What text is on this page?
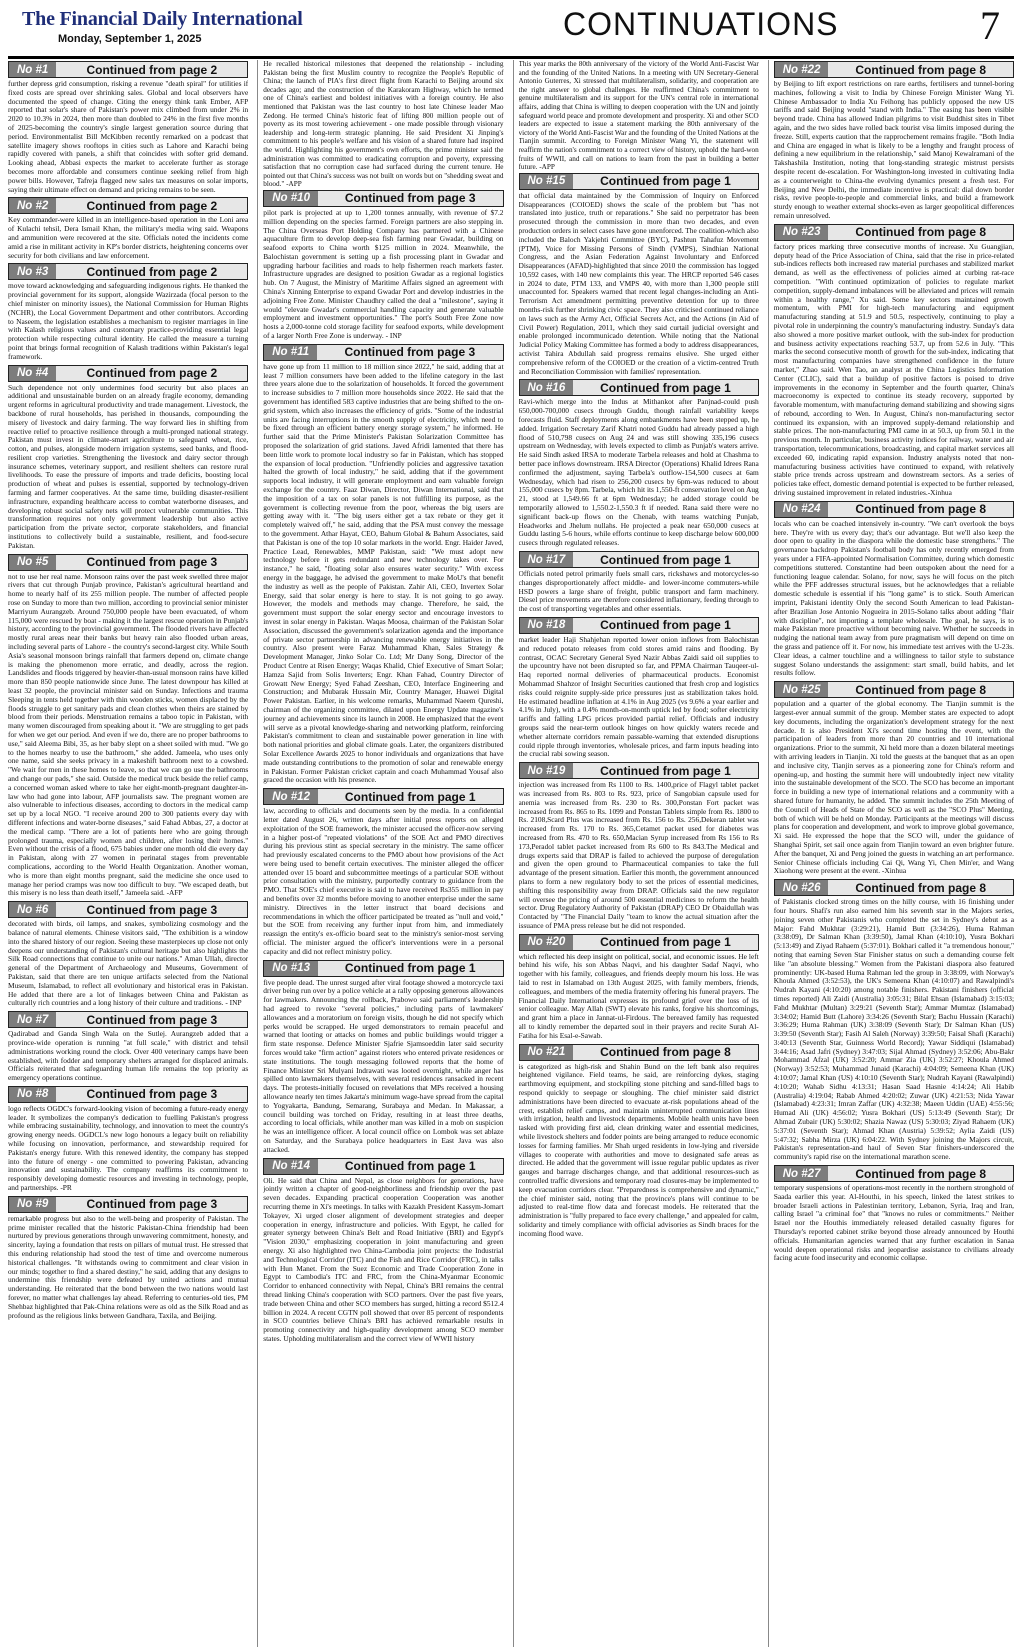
The Financial Daily International
Monday, September 1, 2025	CONTINUATIONS	7
No #1	Continued from page 2
further depress grid consumption, risking a revenue "death spiral" for utilities if fixed costs are spread over shrinking sales. Global and local observers have documented the speed of change. Citing the energy think tank Ember, AFP reported that solar's share of Pakistan's power mix climbed from under 2% in 2020 to 10.3% in 2024, then more than doubled to 24% in the first five months of 2025-becoming the country's single largest generation source during that period. Environmentalist Bill McKibben recently remarked on a podcast that satellite imagery shows rooftops in cities such as Lahore and Karachi being rapidly covered with panels, a shift that coincides with softer grid demand. Looking ahead, Abbasi expects the market to accelerate further as storage becomes more affordable and consumers continue seeking relief from high power bills. However, Tafreja flagged new sales tax measures on solar imports, saying their ultimate effect on demand and pricing remains to be seen.
No #2	Continued from page 2
Key commander-were killed in an intelligence-based operation in the Loni area of Kulachi tehsil, Dera Ismail Khan, the military's media wing said. Weapons and ammunition were recovered at the site. Officials noted the incidents come amid a rise in militant activity in KP's border districts, heightening concerns over security for both civilians and law enforcement.
No #3	Continued from page 2
move toward acknowledging and safeguarding indigenous rights. He thanked the provincial government for its support, alongside Wazirzada (focal person to the chief minister on minority issues), the National Commission for Human Rights (NCHR), the Local Government Department and other contributors. According to Naseem, the legislation establishes a mechanism to register marriages in line with Kalash religious values and customary practice-providing essential legal protection while respecting cultural identity. He called the measure a turning point that brings formal recognition of Kalash traditions within Pakistan's legal framework.
No #4	Continued from page 2
Such dependence not only undermines food security but also places an additional and unsustainable burden on an already fragile economy, demanding urgent reforms in agricultural productivity and trade management. Livestock, the backbone of rural households, has perished in thousands, compounding the misery of livestock and dairy farming. The way forward lies in shifting from reactive relief to proactive resilience through a multi-pronged national strategy. Pakistan must invest in climate-smart agriculture to safeguard wheat, rice, cotton, and pulses, alongside modern irrigation systems, seed banks, and flood-resilient crop varieties. Strengthening the livestock and dairy sector through insurance schemes, veterinary support, and resilient shelters can restore rural livelihoods. To ease the pressure of imports and trade deficits, boosting local production of wheat and pulses is essential, supported by technology-driven farming and farmer cooperatives. At the same time, building disaster-resilient infrastructure, expanding healthcare access to combat waterborne diseases, and developing robust social safety nets will protect vulnerable communities. This transformation requires not only government leadership but also active participation from the private sector, corporate stakeholders, and financial institutions to collectively build a sustainable, resilient, and food-secure Pakistan.
No #5	Continued from page 3
not to use her real name. Monsoon rains over the past week swelled three major rivers that cut through Punjab province, Pakistan's agricultural heartland and home to nearly half of its 255 million people. The number of affected people rose on Sunday to more than two million, according to provincial senior minister Marriyum Aurangzeb. Around 750,000 people have been evacuated, of whom 115,000 were rescued by boat - making it the largest rescue operation in Punjab's history, according to the provincial government. The flooded rivers have affected mostly rural areas near their banks but heavy rain also flooded urban areas, including several parts of Lahore - the country's second-largest city. While South Asia's seasonal monsoon brings rainfall that farmers depend on, climate change is making the phenomenon more erratic, and deadly, across the region. Landslides and floods triggered by heavier-than-usual monsoon rains have killed more than 850 people nationwide since June. The latest downpour has killed at least 32 people, the provincial minister said on Sunday. Infections and trauma Sleeping in tents held together with thin wooden sticks, women displaced by the floods struggle to get sanitary pads and clean clothes when theirs are stained by blood from their periods. Menstruation remains a taboo topic in Pakistan, with many women discouraged from speaking about it. "We are struggling to get pads for when we get our period. And even if we do, there are no proper bathrooms to use," said Aleema Bibi, 35, as her baby slept on a sheet soiled with mud. "We go to the homes nearby to use the bathroom," she added. Jameela, who uses only one name, said she seeks privacy in a makeshift bathroom next to a cowshed. "We wait for men in these homes to leave, so that we can go use the bathrooms and change our pads," she said. Outside the medical truck beside the relief camp, a concerned woman asked where to take her eight-month-pregnant daughter-in-law who had gone into labour, AFP journalists saw. The pregnant women are also vulnerable to infectious diseases, according to doctors in the medical camp set up by a local NGO. "I receive around 200 to 300 patients every day with different infections and water-borne diseases," said Fahad Abbas, 27, a doctor at the medical camp. "There are a lot of patients here who are going through prolonged trauma, especially women and children, after losing their homes." Even without the crisis of a flood, 675 babies under one month old die every day in Pakistan, along with 27 women in perinatal stages from preventable complications, according to the World Health Organization. Another woman, who is more than eight months pregnant, said the medicine she once used to manage her period cramps was now too difficult to buy. "We escaped death, but this misery is no less than death itself," Jameela said. -AFP
No #6	Continued from page 3
decorated with birds, oil lamps, and snakes, symbolizing cosmology and the balance of natural elements. Chinese visitors said, "The exhibition is a window into the shared history of our region. Seeing these masterpieces up close not only deepens our understanding of Pakistan's cultural heritage but also highlights the Silk Road connections that continue to unite our nations." Aman Ullah, director general of the Department of Archaeology and Museums, Government of Pakistan, said that there are ten unique artifacts selected from the National Museum, Islamabad, to reflect all evolutionary and historical eras in Pakistan. He added that there are a lot of linkages between China and Pakistan as culturally rich countries and a long history of their culture and traditions. - INP
No #7	Continued from page 3
Qadirabad and Ganda Singh Wala on the Sutlej. Aurangzeb added that a province-wide operation is running "at full scale," with district and tehsil administrations working round the clock. Over 400 veterinary camps have been established, with fodder and temporary shelters arranged for displaced animals. Officials reiterated that safeguarding human life remains the top priority as emergency operations continue.
No #8	Continued from page 3
logo reflects OGDC's forward-looking vision of becoming a future-ready energy leader. It symbolizes the company's dedication to fuelling Pakistan's progress while embracing sustainability, technology, and innovation to meet the country's growing energy needs. OGDCL's new logo honours a legacy built on reliability while focusing on innovation, performance, and stewardship required for Pakistan's energy future. With this renewed identity, the company has stepped into the future of energy - one committed to powering Pakistan, advancing innovation and sustainability. The company reaffirms its commitment to responsibly developing domestic resources and investing in technology, people, and partnerships. -PR
No #9	Continued from page 3
remarkable progress but also to the well-being and prosperity of Pakistan. The prime minister recalled that the historic Pakistan-China friendship had been nurtured by previous generations through unwavering commitment, honesty, and sincerity, laying a foundation that rests on pillars of mutual trust. He stressed that this enduring relationship had stood the test of time and overcome numerous historical challenges. "It withstands owing to commitment and clear vision in our minds; together to find a shared destiny," he said, adding that any designs to undermine this friendship were defeated by united actions and mutual understanding. He reiterated that the bond between the two nations would last forever, no matter what challenges lay ahead. Referring to centuries-old ties, PM Shehbaz highlighted that Pak-China relations were as old as the Silk Road and as profound as the religious links between Gandhara, Taxila, and Beijing.
He recalled historical milestones that deepened the relationship - including Pakistan being the first Muslim country to recognize the People's Republic of China; the launch of PIA's first direct flight from Karachi to Beijing around six decades ago; and the construction of the Karakoram Highway, which he termed one of China's earliest and boldest initiatives with a foreign country. He also mentioned that Pakistan was the last country to host late Chinese leader Mao Zedong. He termed China's historic feat of lifting 800 million people out of poverty as its most towering achievement - one made possible through visionary leadership and long-term strategic planning. He said President Xi Jinping's commitment to his people's welfare and his vision of a shared future had inspired the world. Highlighting his government's own efforts, the prime minister said the administration was committed to eradicating corruption and poverty, expressing satisfaction that no corruption case had surfaced during the current tenure. He pointed out that China's success was not built on words but on "shedding sweat and blood." -APP
No #10	Continued from page 3
pilot park is projected at up to 1,200 tonnes annually, with revenue of $7.2 million depending on the species farmed. Foreign partners are also stepping in. The China Overseas Port Holding Company has partnered with a Chinese aquaculture firm to develop deep-sea fish farming near Gwadar, building on seafood exports to China worth $125 million in 2024. Meanwhile, the Balochistan government is setting up a fish processing plant in Gwadar and upgrading harbour facilities and roads to help fishermen reach markets faster. Infrastructure upgrades are designed to position Gwadar as a regional logistics hub. On 7 August, the Ministry of Maritime Affairs signed an agreement with China's Xinning Enterprise to expand Gwadar Port and develop industries in the adjoining Free Zone. Minister Chaudhry called the deal a "milestone", saying it would "elevate Gwadar's commercial handling capacity and generate valuable employment and investment opportunities." The port's South Free Zone now hosts a 2,000-tonne cold storage facility for seafood exports, while development of a larger North Free Zone is underway. - INP
No #11	Continued from page 3
have gone up from 11 million to 18 million since 2022," he said, adding that at least 7 million consumers have been added to the lifeline category in the last three years alone due to the solarization of households. It forced the government to increase subsidies to 7 million more households since 2022. He said that the government has identified 583 captive industries that are being shifted to the on-grid system, which also increases the efficiency of grids. "Some of the industrial units are facing interruptions in the smooth supply of electricity, which need to be fixed through an efficient battery energy storage system," he informed. He further said that the Prime Minister's Pakistan Solarization Committee has proposed the solarization of grid stations. Javed Afridi lamented that there has been little work to promote local industry so far in Pakistan, which has stopped the expansion of local production. "Unfriendly policies and aggressive taxation halted the growth of local industry," he said, adding that if the government supports local industry, it will generate employment and earn valuable foreign exchange for the country. Faaz Diwan, Director, Diwan International, said that the imposition of a tax on solar panels is not fulfilling its purpose, as the government is collecting revenue from the poor, whereas the big users are getting away with it. "The big users either get a tax rebate or they get it completely waived off," he said, adding that the PSA must convey the message to the government. Athar Hayat, CEO, Bahum Global & Bahum Associates, said that Pakistan is one of the top 10 solar markets in the world. Engr. Haider Javed, Practice Lead, Renewables, MMP Pakistan, said: "We must adopt new technology before it gets redundant and new technology takes over. For instance," he said, "floating solar also ensures water security." With excess energy in the baggage, he advised the government to make MoU's that benefit the industry as well as the people of Pakistan. Zahir Ali, CEO, Invertex Solar Energy, said that solar energy is here to stay. It is not going to go away. However, the models and methods may change. Therefore, he said, the government must support the solar energy sector and encourage investors to invest in solar energy in Pakistan. Waqas Moosa, chairman of the Pakistan Solar Association, discussed the government's solarization agenda and the importance of private sector partnership in advancing renewable energy initiatives in the country. Also present were Faraz Muhammad Khan, Sales Strategy & Development Manager, Jinko Solar Co. Ltd; Mr Dany Song, Director of the Product Centre at Risen Energy; Waqas Khalid, Chief Executive of Smart Solar; Hamza Sajid from Solis Inverters; Engr. Khan Fahad, Country Director of Growatt New Energy; Syed Fahad Zeeshan, CEO, Interface Engineering and Construction; and Mubarak Hussain Mir, Country Manager, Huawei Digital Power Pakistan. Earlier, in his welcome remarks, Muhammad Naeem Qureshi, chairman of the organizing committee, dilated upon Energy Update magazine's journey and achievements since its launch in 2008. He emphasized that the event will serve as a pivotal knowledge-sharing and networking platform, reinforcing Pakistan's commitment to clean and sustainable power generation in line with both national priorities and global climate goals. Later, the organizers distributed Solar Excellence Awards 2025 to honor individuals and organizations that have made outstanding contributions to the promotion of solar and renewable energy in Pakistan. Former Pakistan cricket captain and coach Muhammad Yousaf also graced the occasion with his presence.
No #12	Continued from page 1
law, according to officials and documents seen by the media. In a confidential letter dated August 26, written days after initial press reports on alleged exploitation of the SOE framework, the minister accused the officer-now serving in a higher post-of "repeated violations" of the SOE Act and PMO directives during his previous stint as special secretary in the ministry. The same officer had previously escalated concerns to the PMO about how provisions of the Act were being used to benefit certain executives. The minister alleged the officer attended over 15 board and subcommittee meetings of a particular SOE without prior consultation with the ministry, purportedly contrary to guidance from the PMO. That SOE's chief executive is said to have received Rs355 million in pay and benefits over 32 months before moving to another enterprise under the same ministry. Directives in the letter instruct that board decisions and recommendations in which the officer participated be treated as "null and void," but the SOE from receiving any further input from him, and immediately reassign the entity's ex-officio board seat to the ministry's senior-most serving official. The minister argued the officer's interventions were in a personal capacity and did not reflect ministry policy.
No #13	Continued from page 1
five people dead. The unrest surged after viral footage showed a motorcycle taxi driver being run over by a police vehicle at a rally opposing generous allowances for lawmakers. Announcing the rollback, Prabowo said parliament's leadership had agreed to revoke "several policies," including parts of lawmakers' allowances and a moratorium on foreign visits, though he did not specify which perks would be scrapped. He urged demonstrators to remain peaceful and warned that looting or attacks on homes and public buildings would trigger a firm state response. Defence Minister Sjafrie Sjamsoeddin later said security forces would take "firm action" against rioters who entered private residences or state institutions. The tough messaging followed reports that the home of Finance Minister Sri Mulyani Indrawati was looted overnight, while anger has spilled onto lawmakers themselves, with several residences ransacked in recent days. The protests-initially focused on revelations that MPs received a housing allowance nearly ten times Jakarta's minimum wage-have spread from the capital to Yogyakarta, Bandung, Semarang, Surabaya and Medan. In Makassar, a council building was torched on Friday, resulting in at least three deaths, according to local officials, while another man was killed in a mob on suspicion he was an intelligence officer. A local council office on Lombok was set ablaze on Saturday, and the Surabaya police headquarters in East Java was also attacked.
No #14	Continued from page 1
Oli. He said that China and Nepal, as close neighbors for generations, have jointly written a chapter of good-neighborliness and friendship over the past seven decades. Expanding practical cooperation Cooperation was another recurring theme in Xi's meetings. In talks with Kazakh President Kassym-Jomart Tokayev, Xi urged closer alignment of development strategies and deeper cooperation in energy, infrastructure and policies. With Egypt, he called for greater synergy between China's Belt and Road Initiative (BRI) and Egypt's "Vision 2030," emphasizing cooperation in joint manufacturing and green energy. Xi also highlighted two China-Cambodia joint projects: the Industrial and Technological Corridor (ITC) and the Fish and Rice Corridor (FRC), in talks with Hun Manet. From the Suez Economic and Trade Cooperation Zone in Egypt to Cambodia's ITC and FRC, from the China-Myanmar Economic Corridor to enhanced connectivity with Nepal, China's BRI remains the central thread linking China's cooperation with SCO partners. Over the past five years, trade between China and other SCO members has surged, hitting a record $512.4 billion in 2024. A recent CGTN poll showed that over 85 percent of respondents in SCO countries believe China's BRI has achieved remarkable results in promoting connectivity and high-quality development among SCO member states. Upholding multilateralism and the correct view of WWII history
This year marks the 80th anniversary of the victory of the World Anti-Fascist War and the founding of the United Nations. In a meeting with UN Secretary-General Antonio Guterres, Xi stressed that multilateralism, solidarity, and cooperation are the right answer to global challenges. He reaffirmed China's commitment to genuine multilateralism and its support for the UN's central role in international affairs, adding that China is willing to deepen cooperation with the UN and jointly safeguard world peace and promote development and prosperity. Xi and other SCO leaders are expected to issue a statement marking the 80th anniversary of the victory of the World Anti-Fascist War and the founding of the United Nations at the Tianjin summit. According to Foreign Minister Wang Yi, the statement will reaffirm the nation's commitment to a correct view of history, uphold the hard-won fruits of WWII, and call on nations to learn from the past in building a better future. -APP
No #15	Continued from page 1
that official data maintained by the Commission of Inquiry on Enforced Disappearances (COIOED) shows the scale of the problem but "has not translated into justice, truth or reparations." She said no perpetrator has been prosecuted through the commission in more than two decades, and even production orders in select cases have gone unenforced. The coalition-which also included the Baloch Yakjehti Committee (BYC), Pashtun Tahafuz Movement (PTM), Voice for Missing Persons of Sindh (VMPS), Sindhian National Congress, and the Asian Federation Against Involuntary and Enforced Disappearances (AFAD)-highlighted that since 2010 the commission has logged 10,592 cases, with 140 new complaints this year. The HRCP reported 546 cases in 2024 to date, PTM 133, and VMPS 40, with more than 1,300 people still unaccounted for. Speakers warned that recent legal changes-including an Anti-Terrorism Act amendment permitting preventive detention for up to three months-risk further shrinking civic space. They also criticised continued reliance on laws such as the Army Act, Official Secrets Act, and the Actions (in Aid of Civil Power) Regulation, 2011, which they said curtail judicial oversight and enable prolonged incommunicado detention. While noting that the National Judicial Policy Making Committee has formed a body to address disappearances, activist Tahira Abdullah said progress remains elusive. She urged either comprehensive reform of the COIOED or the creation of a victim-centred Truth and Reconciliation Commission with families' representation.
No #16	Continued from page 1
Ravi-which merge into the Indus at Mithankot after Panjnad-could push 650,000-700,000 cusecs through Guddu, though rainfall variability keeps forecasts fluid. Staff deployments along embankments have been stepped up, he added. Irrigation Secretary Zarif Khatri noted Guddu had already passed a high flood of 510,798 cusecs on Aug 24 and was still showing 335,196 cusecs upstream on Wednesday, with levels expected to climb as Punjab's waters arrive. He said Sindh asked IRSA to moderate Tarbela releases and hold at Chashma to better pace inflows downstream. IRSA Director (Operations) Khalid Idrees Rana confirmed the adjustment, saying Tarbela's outflow-154,500 cusecs at 6am Wednesday, which had risen to 256,200 cusecs by 6pm-was reduced to about 155,000 cusecs by 8pm. Tarbela, which hit its 1,550-ft conservation level on Aug 21, stood at 1,549.66 ft at 6pm Wednesday; he added storage could be temporarily allowed to 1,550.2-1,550.3 ft if needed. Rana said there were no significant back-up flows on the Chenab, with teams watching Punjab, Headworks and Jhelum nullahs. He projected a peak near 650,000 cusecs at Guddu lasting 5-6 hours, while efforts continue to keep discharge below 600,000 cusecs through regulated releases.
No #17	Continued from page 1
Officials noted petrol primarily fuels small cars, rickshaws and motorcycles-so changes disproportionately affect middle- and lower-income commuters-while HSD powers a large share of freight, public transport and farm machinery. Diesel price movements are therefore considered inflationary, feeding through to the cost of transporting vegetables and other essentials.
No #18	Continued from page 1
market leader Haji Shahjehan reported lower onion inflows from Balochistan and reduced potato releases from cold stores amid rains and flooding. By contrast, OCAC Secretary General Syed Nazir Abbas Zaidi said oil supplies to the upcountry have not been disrupted so far, and PPMA Chairman Tauqeer-ul-Haq reported normal deliveries of pharmaceutical products. Economist Mohammad Shahzor of Insight Securities cautioned that fresh crop and logistics risks could reignite supply-side price pressures just as stabilization takes hold. He estimated headline inflation at 4.1% in Aug 2025 (vs 9.6% a year earlier and 4.1% in July), with a 0.4% month-on-month uptick led by food; softer electricity tariffs and falling LPG prices provided partial relief. Officials and industry groups said the near-term outlook hinges on how quickly waters recede and whether alternate corridors remain passable-warning that extended disruptions could ripple through inventories, wholesale prices, and farm inputs heading into the crucial rabi sowing season.
No #19	Continued from page 1
injection was increased from Rs 1100 to Rs. 1400,price of Flagyl tablet packet was increased from Rs. 803 to Rs. 923, price of Sangobian capsule used for anemia was increased from Rs. 230 to Rs. 300,Ponstan Fort packet was increased from Rs. 865 to Rs. 1099 and Ponstan Tablets simple from Rs. 1800 to Rs. 2108,Scard Plus was increased from Rs. 156 to Rs. 256,Dekeran tablet was increased from Rs. 170 to Rs. 365,Cetamet packet used for diabetes was increased from Rs. 470 to Rs. 650,Macian Syrup increased from Rs 156 to Rs 173,Peradol tablet packet increased from Rs 600 to Rs 843.The Medical and drugs experts said that DRAP is failed to achieved the purpose of deregulation and given the open ground to Pharmaceutical companies to take the full advantage of the present situation. Earlier this month, the government announced plans to form a new regulatory body to set the prices of essential medicines, shifting this responsibility away from DRAP. Officials said the new regulator will oversee the pricing of around 500 essential medicines to reform the health sector. Drug Regulatory Authority of Pakistan (DRAP) CEO Dr Obaidullah was Contacted by "The Financial Daily "team to know the actual situation after the issuance of PMA press release but he did not responded.
No #20	Continued from page 1
which reflected his deep insight on political, social, and economic issues. He left behind his wife, his son Abbas Naqvi, and his daughter Sadaf Naqvi, who together with his family, colleagues, and friends deeply mourn his loss. He was laid to rest in Islamabad on 13th August 2025, with family members, friends, colleagues, and members of the media fraternity offering his funeral prayers. The Financial Daily International expresses its profound grief over the loss of its senior colleague. May Allah (SWT) elevate his ranks, forgive his shortcomings, and grant him a place in Jannat-ul-Firdous. The bereaved family has requested all to kindly remember the departed soul in their prayers and recite Surah Al-Fatiha for his Esal-e-Sawab.
No #21	Continued from page 8
is categorized as high-risk and Shahin Bund on the left bank also requires heightened vigilance. Field teams, he said, are reinforcing dykes, staging earthmoving equipment, and stockpiling stone pitching and sand-filled bags to respond quickly to seepage or sloughing. The chief minister said district administrations have been directed to evacuate at-risk populations ahead of the crest, establish relief camps, and maintain uninterrupted communication lines with irrigation, health and livestock departments. Mobile health units have been tasked with providing first aid, clean drinking water and essential medicines, while livestock shelters and fodder points are being arranged to reduce economic losses for farming families. Mr Shah urged residents in low-lying and riverside villages to cooperate with authorities and move to designated safe areas as directed. He added that the government will issue regular public updates as river gauges and barrage discharges change, and that additional resources-such as controlled traffic diversions and temporary road closures-may be implemented to keep evacuation corridors clear. "Preparedness is comprehensive and dynamic," the chief minister said, noting that the province's plans will continue to be adjusted to real-time flow data and forecast models. He reiterated that the administration is "fully prepared to face every challenge," and appealed for calm, solidarity and timely compliance with official advisories as Sindh braces for the incoming flood wave.
No #22	Continued from page 8
by Beijing to lift export restrictions on rare earths, fertilisers and tunnel-boring machines, following a visit to India by Chinese Foreign Minister Wang Yi. Chinese Ambassador to India Xu Feihong has publicly opposed the new US tariffs and said Beijing would "stand with India." The easing has been visible beyond trade. China has allowed Indian pilgrims to visit Buddhist sites in Tibet again, and the two sides have rolled back tourist visa limits imposed during the freeze. Still, experts caution that the rapprochement remains fragile. "Both India and China are engaged in what is likely to be a lengthy and fraught process of defining a new equilibrium in the relationship," said Manoj Kewalramani of the Takshashila Institution, noting that long-standing strategic mistrust persists despite recent de-escalation. For Washington-long invested in cultivating India as a counterweight to China-the evolving dynamics present a fresh test. For Beijing and New Delhi, the immediate incentive is practical: dial down border risks, revive people-to-people and commercial links, and build a framework sturdy enough to weather external shocks-even as larger geopolitical differences remain unresolved.
No #23	Continued from page 8
factory prices marking three consecutive months of increase. Xu Guangjian, deputy head of the Price Association of China, said that the rise in price-related sub-indices reflects both increased raw material purchases and stabilized market demand, as well as the effectiveness of policies aimed at curbing rat-race competition. "With continued optimization of policies to regulate market competition, supply-demand imbalances will be alleviated and prices will remain within a healthy range," Xu said. Some key sectors maintained growth momentum, with PMI for high-tech manufacturing and equipment manufacturing standing at 51.9 and 50.5, respectively, continuing to play a pivotal role in underpinning the country's manufacturing industry. Sunday's data also showed a more positive market outlook, with the sub-index for production and business activity expectations reaching 53.7, up from 52.6 in July. "This marks the second consecutive month of growth for the sub-index, indicating that most manufacturing companies have strengthened confidence in the future market," Zhao said. Wen Tao, an analyst at the China Logistics Information Center (CLIC), said that a buildup of positive factors is poised to drive improvements in the economy in September and the fourth quarter, China's macroeconomy is expected to continue its steady recovery, supported by favorable momentum, with manufacturing demand stabilizing and showing signs of rebound, according to Wen. In August, China's non-manufacturing sector continued its expansion, with an improved supply-demand relationship and stable prices. The non-manufacturing PMI came in at 50.3, up from 50.1 in the previous month. In particular, business activity indices for railway, water and air transportation, telecommunications, broadcasting, and capital market services all exceeded 60, indicating rapid expansion. Industry analysts noted that non-manufacturing business activities have continued to expand, with relatively stable price trends across upstream and downstream sectors. As a series of policies take effect, domestic demand potential is expected to be further released, driving sustained improvement in related industries.-Xinhua
No #24	Continued from page 8
locals who can be coached intensively in-country. "We can't overlook the boys here. They're with us every day; that's our advantage. But we'll also keep the door open to quality in the diaspora while the domestic base strengthens." The governance backdrop Pakistan's football body has only recently emerged from years under a FIFA-appointed Normalisation Committee, during which domestic competitions stuttered. Constantine had been outspoken about the need for a functioning league calendar. Solano, for now, says he will focus on the pitch while the PFF addresses structural issues, but he acknowledges that a reliable domestic schedule is essential if his "long game" is to stick. South American imprint, Pakistani identity Only the second South American to lead Pakistan-after Brazilian Jose Antonio Nogueira in 2015-Solano talks about adding "flair with discipline", not importing a template wholesale. The goal, he says, is to make Pakistan more proactive without becoming naive. Whether he succeeds in nudging the national team away from pure pragmatism will depend on time on the grass and patience off it. For now, his immediate test arrives with the U-23s. Clear ideas, a calmer touchline and a willingness to tailor style to substance suggest Solano understands the assignment: start small, build habits, and let results follow.
No #25	Continued from page 8
population and a quarter of the global economy. The Tianjin summit is the largest-ever annual summit of the group. Member states are expected to adopt key documents, including the organization's development strategy for the next decade. It is also President Xi's second time hosting the event, with the participation of leaders from more than 20 countries and 10 international organizations. Prior to the summit, Xi held more than a dozen bilateral meetings with arriving leaders in Tianjin. Xi told the guests at the banquet that as an open and inclusive city, Tianjin serves as a pioneering zone for China's reform and opening-up, and hosting the summit here will undoubtedly inject new vitality into the sustainable development of the SCO. The SCO has become an important force in building a new type of international relations and a community with a shared future for humanity, he added. The summit includes the 25th Meeting of the Council of Heads of State of the SCO as well as the "SCO Plus" Meeting, both of which will be held on Monday. Participants at the meetings will discuss plans for cooperation and development, and work to improve global governance, Xi said. He expressed the hope that the SCO will, under the guidance of Shanghai Spirit, set sail once again from Tianjin toward an even brighter future. After the banquet, Xi and Peng joined the guests in watching an art performance. Senior Chinese officials including Cai Qi, Wang Yi, Chen Min'er, and Wang Xiaohong were present at the event. -Xinhua
No #26	Continued from page 8
of Pakistanis clocked strong times on the hilly course, with 16 finishing under four hours. Shafi's run also earned him his seventh star in the Majors series, joining seven other Pakistanis who completed the set in Sydney's debut as a Major: Fahd Mukhtar (3:29:21), Hamid Butt (3:34:26), Huma Rahman (3:38:09), Dr Salman Khan (3:39:50), Jamal Khan (4:10:10), Yusra Bokhari (5:13:49) and Ziyad Rahaem (5:37:01). Bokhari called it "a tremendous honour," noting that earning Seven Star Finisher status on such a demanding course felt like "an absolute blessing." Women from the Pakistani diaspora also featured prominently: UK-based Huma Rahman led the group in 3:38:09, with Norway's Khoula Ahmed (3:52:53), the UK's Semeena Khan (4:10:07) and Rawalpindi's Nudrah Kayani (4:10:20) among notable finishers. Pakistani finishers (official times reported) Ali Zaidi (Australia) 3:05:31; Bilal Ehsan (Islamabad) 3:15:03; Fahd Mukhtar (Multan) 3:29:21 (Seventh Star); Ammar Mumtaz (Islamabad) 3:34:02; Hamid Butt (Lahore) 3:34:26 (Seventh Star); Bachu Hussain (Karachi) 3:36:29; Huma Rahman (UK) 3:38:09 (Seventh Star); Dr Salman Khan (US) 3:39:50 (Seventh Star); Fasih Al Saleh (Norway) 3:39:50; Faisal Shafi (Karachi) 3:40:13 (Seventh Star, Guinness World Record); Yawar Siddiqui (Islamabad) 3:44:16; Asad Jafri (Sydney) 3:47:03; Sijal Ahmad (Sydney) 3:52:06; Abu-Bakr Mohammad Afzal (UK) 3:52:20; Ammar Zia (UK) 3:52:27; Khoula Ahmed (Norway) 3:52:53; Muhammad Junaid (Karachi) 4:04:09; Semeena Khan (UK) 4:10:07; Jamal Khan (US) 4:10:10 (Seventh Star); Nudrah Kayani (Rawalpindi) 4:10:20; Wahab Sidhu 4:13:31; Hasan Saad Hasnie 4:14:24; Ali Habib (Australia) 4:19:04; Rabab Ahmed 4:20:02; Zuwar (UK) 4:21:53; Nida Yawar (Islamabad) 4:23:31; Imran Zaffar (UK) 4:32:38; Maeen Uddin (UAE) 4:55:56; Humad Ali (UK) 4:56:02; Yusra Bokhari (US) 5:13:49 (Seventh Star); Dr Ahmad Zubair (UK) 5:30:02; Shazia Nawaz (US) 5:30:03; Ziyad Rahaem (UK) 5:37:01 (Seventh Star); Ahmad Khan (Austria) 5:39:52; Aylia Zaidi (US) 5:47:32; Sabha Mirza (UK) 6:04:22. With Sydney joining the Majors circuit, Pakistan's representation-and haul of Seven Star finishers-underscored the community's rapid rise on the international marathon scene.
No #27	Continued from page 8
temporary suspensions of operations-most recently in the northern stronghold of Saada earlier this year. Al-Houthi, in his speech, linked the latest strikes to broader Israeli actions in Palestinian territory, Lebanon, Syria, Iraq and Iran, calling Israel "a criminal foe" that "knows no rules or commitments." Neither Israel nor the Houthis immediately released detailed casualty figures for Thursday's reported cabinet strike beyond those already announced by Houthi officials. Humanitarian agencies warned that any further escalation in Sanaa would deepen operational risks and jeopardise assistance to civilians already facing acute food insecurity and economic collapse.
